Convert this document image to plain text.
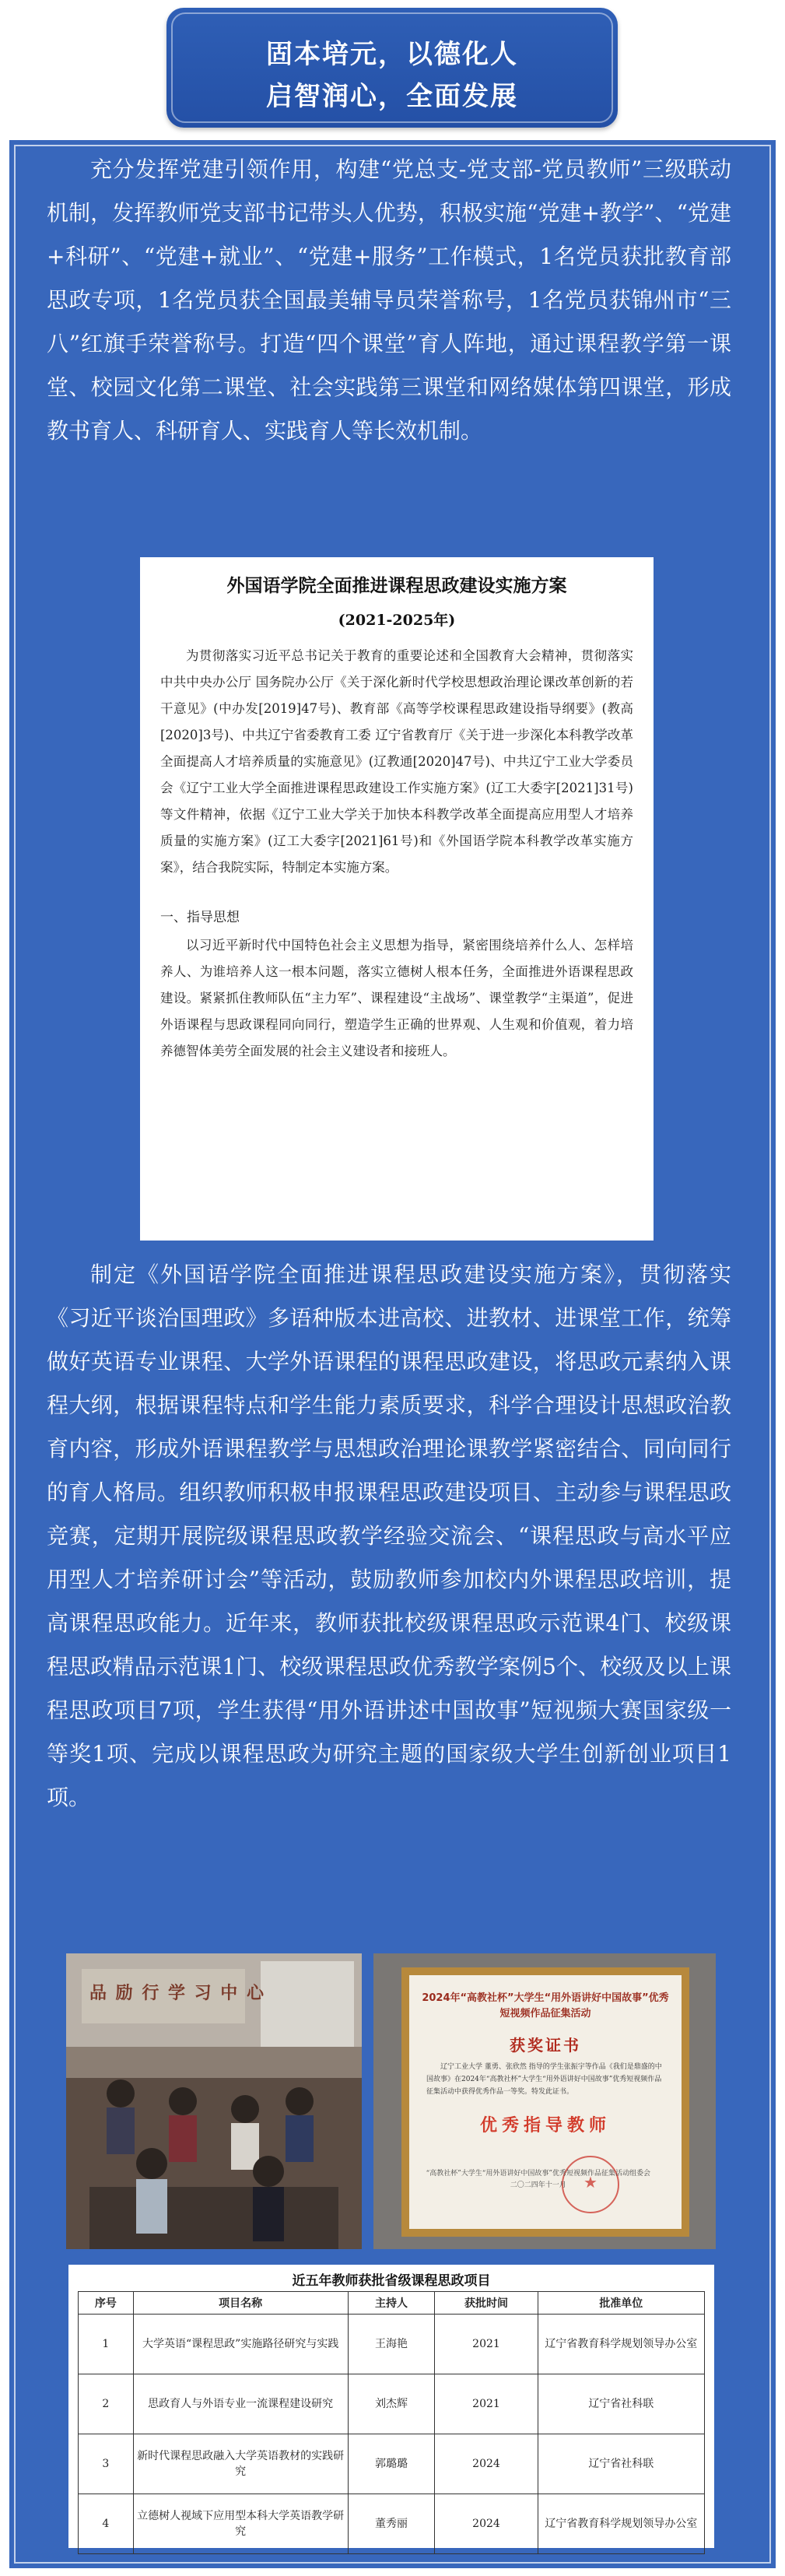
固本培元，以德化人
启智润心，全面发展

充分发挥党建引领作用，构建“党总支-党支部-党员教师”三级联动机制，发挥教师党支部书记带头人优势，积极实施“党建+教学”、“党建+科研”、“党建+就业”、“党建+服务”工作模式，1名党员获批教育部思政专项，1名党员获全国最美辅导员荣誉称号，1名党员获锦州市“三八”红旗手荣誉称号。打造“四个课堂”育人阵地，通过课程教学第一课堂、校园文化第二课堂、社会实践第三课堂和网络媒体第四课堂，形成教书育人、科研育人、实践育人等长效机制。

外国语学院全面推进课程思政建设实施方案
(2021-2025年)

为贯彻落实习近平总书记关于教育的重要论述和全国教育大会精神，贯彻落实中共中央办公厅 国务院办公厅《关于深化新时代学校思想政治理论课改革创新的若干意见》(中办发[2019]47号)、教育部《高等学校课程思政建设指导纲要》(教高[2020]3号)、中共辽宁省委教育工委 辽宁省教育厅《关于进一步深化本科教学改革 全面提高人才培养质量的实施意见》(辽教通[2020]47号)、中共辽宁工业大学委员会《辽宁工业大学全面推进课程思政建设工作实施方案》(辽工大委字[2021]31号)等文件精神，依据《辽宁工业大学关于加快本科教学改革全面提高应用型人才培养质量的实施方案》(辽工大委字[2021]61号)和《外国语学院本科教学改革实施方案》，结合我院实际，特制定本实施方案。

一、指导思想

以习近平新时代中国特色社会主义思想为指导，紧密围绕培养什么人、怎样培养人、为谁培养人这一根本问题，落实立德树人根本任务，全面推进外语课程思政建设。紧紧抓住教师队伍“主力军”、课程建设“主战场”、课堂教学“主渠道”，促进外语课程与思政课程同向同行，塑造学生正确的世界观、人生观和价值观，着力培养德智体美劳全面发展的社会主义建设者和接班人。

制定《外国语学院全面推进课程思政建设实施方案》，贯彻落实《习近平谈治国理政》多语种版本进高校、进教材、进课堂工作，统筹做好英语专业课程、大学外语课程的课程思政建设，将思政元素纳入课程大纲，根据课程特点和学生能力素质要求，科学合理设计思想政治教育内容，形成外语课程教学与思想政治理论课教学紧密结合、同向同行的育人格局。组织教师积极申报课程思政建设项目、主动参与课程思政竞赛，定期开展院级课程思政教学经验交流会、“课程思政与高水平应用型人才培养研讨会”等活动，鼓励教师参加校内外课程思政培训，提高课程思政能力。近年来，教师获批校级课程思政示范课4门、校级课程思政精品示范课1门、校级课程思政优秀教学案例5个、校级及以上课程思政项目7项，学生获得“用外语讲述中国故事”短视频大赛国家级一等奖1项、完成以课程思政为研究主题的国家级大学生创新创业项目1项。

品 励 行 学 习 中 心	2024年“高教社杯”大学生“用外语讲好中国故事”优秀短视频作品征集活动
获奖证书
辽宁工业大学 董勇、张欣然 指导的学生张振宇等作品《我们是鼎盛的中国故事》在2024年“高教社杯”大学生“用外语讲好中国故事”优秀短视频作品征集活动中获得优秀作品一等奖。特发此证书。
优秀指导教师
★
“高教社杯”大学生“用外语讲好中国故事”优秀短视频作品征集活动组委会
二〇二四年十一月
近五年教师获批省级课程思政项目
序号	项目名称	主持人	获批时间	批准单位
1	大学英语“课程思政”实施路径研究与实践	王海艳	2021	辽宁省教育科学规划领导办公室
2	思政育人与外语专业一流课程建设研究	刘杰辉	2021	辽宁省社科联
3	新时代课程思政融入大学英语教材的实践研究	郭璐璐	2024	辽宁省社科联
4	立德树人视域下应用型本科大学英语教学研究	董秀丽	2024	辽宁省教育科学规划领导办公室
